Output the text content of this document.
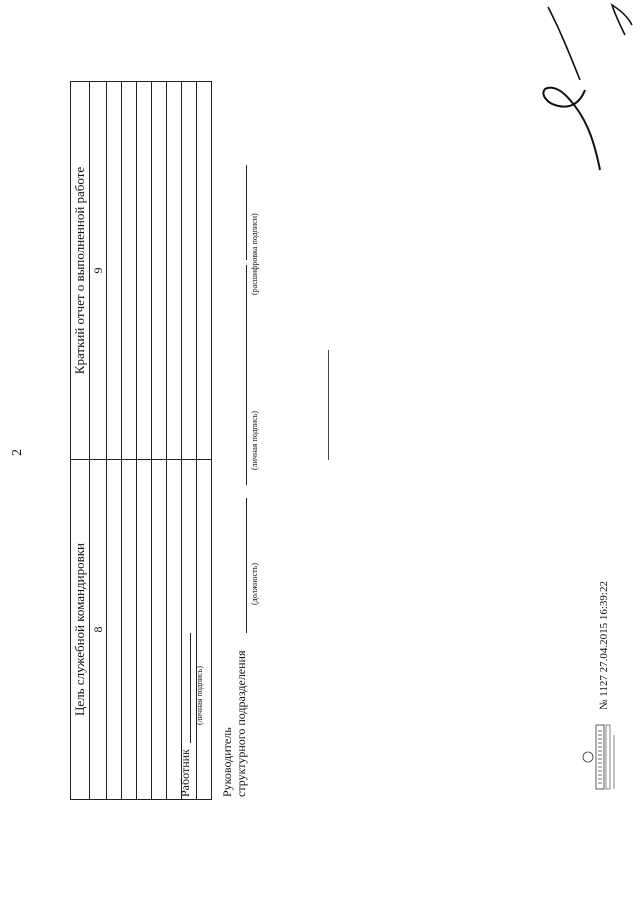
2
Цель служебной командировки	Краткий отчет о выполненной работе
8	9

Работник
(личная подпись)
Руководитель структурного подразделения
(должность)
(личная подпись)
(расшифровка подписи)
№ 1127 27.04.2015 16:39:22
